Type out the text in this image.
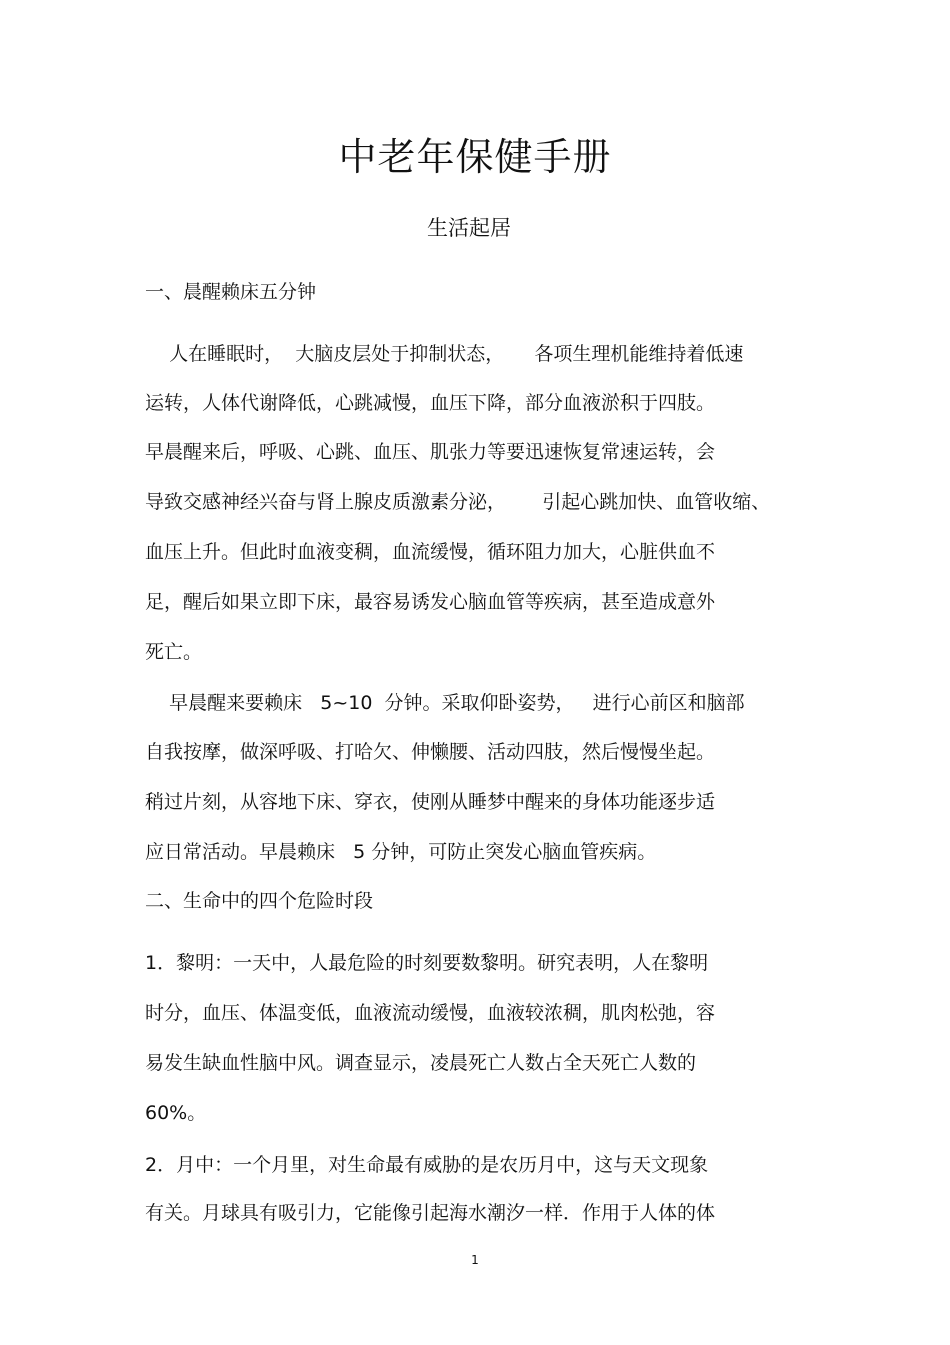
中老年保健手册
生活起居
一、晨醒赖床五分钟
人在睡眠时，  大脑皮层处于抑制状态，     各项生理机能维持着低速
运转，人体代谢降低，心跳减慢，血压下降，部分血液淤积于四肢。
早晨醒来后，呼吸、心跳、血压、肌张力等要迅速恢复常速运转，会
导致交感神经兴奋与肾上腺皮质激素分泌，      引起心跳加快、血管收缩、
血压上升。但此时血液变稠，血流缓慢，循环阻力加大，心脏供血不
足，醒后如果立即下床，最容易诱发心脑血管等疾病，甚至造成意外
死亡。
早晨醒来要赖床   5~10  分钟。采取仰卧姿势，   进行心前区和脑部
自我按摩，做深呼吸、打哈欠、伸懒腰、活动四肢，然后慢慢坐起。
稍过片刻，从容地下床、穿衣，使刚从睡梦中醒来的身体功能逐步适
应日常活动。早晨赖床   5 分钟，可防止突发心脑血管疾病。
二、生命中的四个危险时段
1．黎明：一天中，人最危险的时刻要数黎明。研究表明，人在黎明
时分，血压、体温变低，血液流动缓慢，血液较浓稠，肌肉松弛，容
易发生缺血性脑中风。调查显示，凌晨死亡人数占全天死亡人数的
60%。
2．月中：一个月里，对生命最有威胁的是农历月中，这与天文现象
有关。月球具有吸引力，它能像引起海水潮汐一样．作用于人体的体
1
